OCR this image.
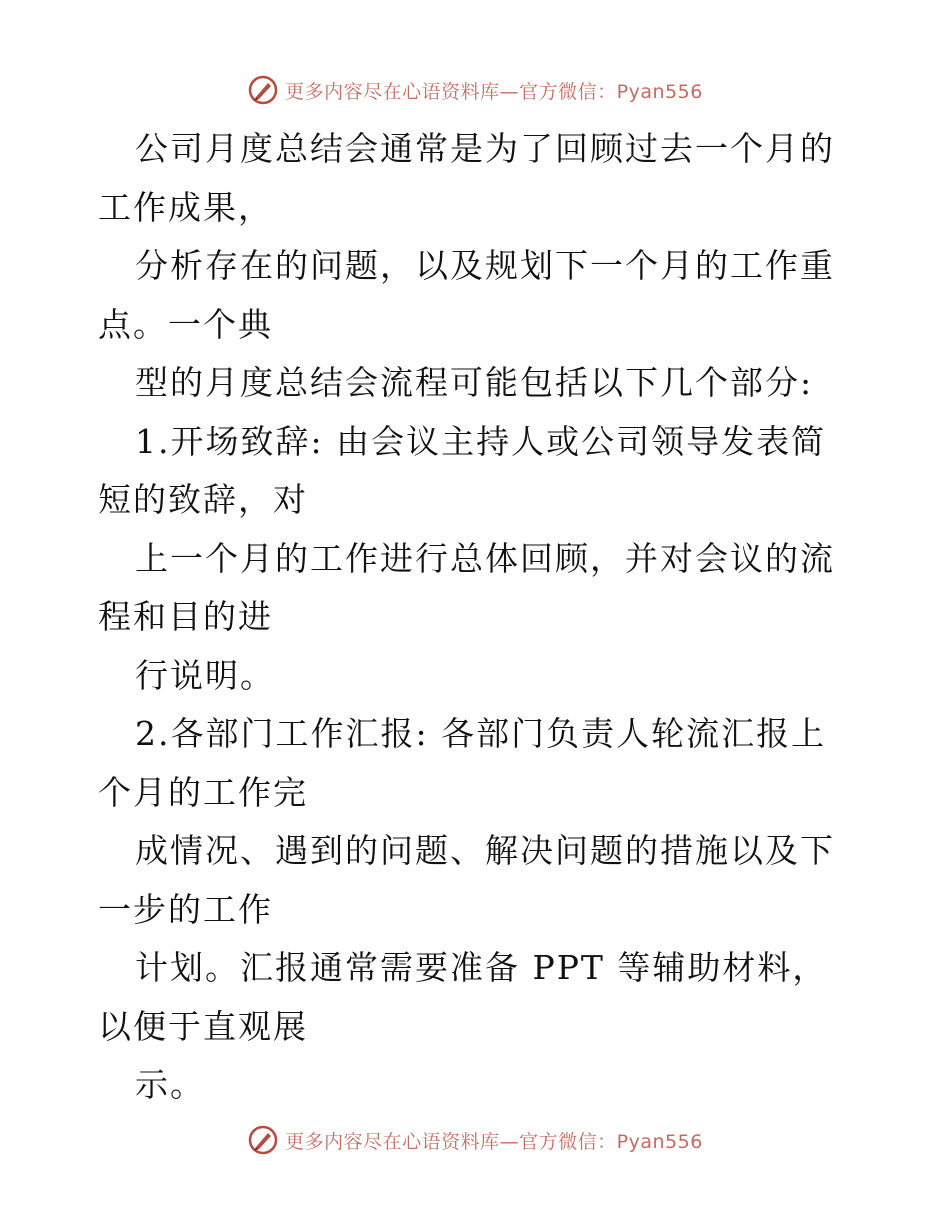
更多内容尽在心语资料库—官方微信：Pyan556

公司月度总结会通常是为了回顾过去一个月的工作成果，

分析存在的问题，以及规划下一个月的工作重点。一个典

型的月度总结会流程可能包括以下几个部分:

1.开场致辞: 由会议主持人或公司领导发表简短的致辞，对

上一个月的工作进行总体回顾，并对会议的流程和目的进

行说明。

2.各部门工作汇报: 各部门负责人轮流汇报上个月的工作完

成情况、遇到的问题、解决问题的措施以及下一步的工作

计划。汇报通常需要准备 PPT 等辅助材料，以便于直观展

示。

更多内容尽在心语资料库—官方微信：Pyan556
